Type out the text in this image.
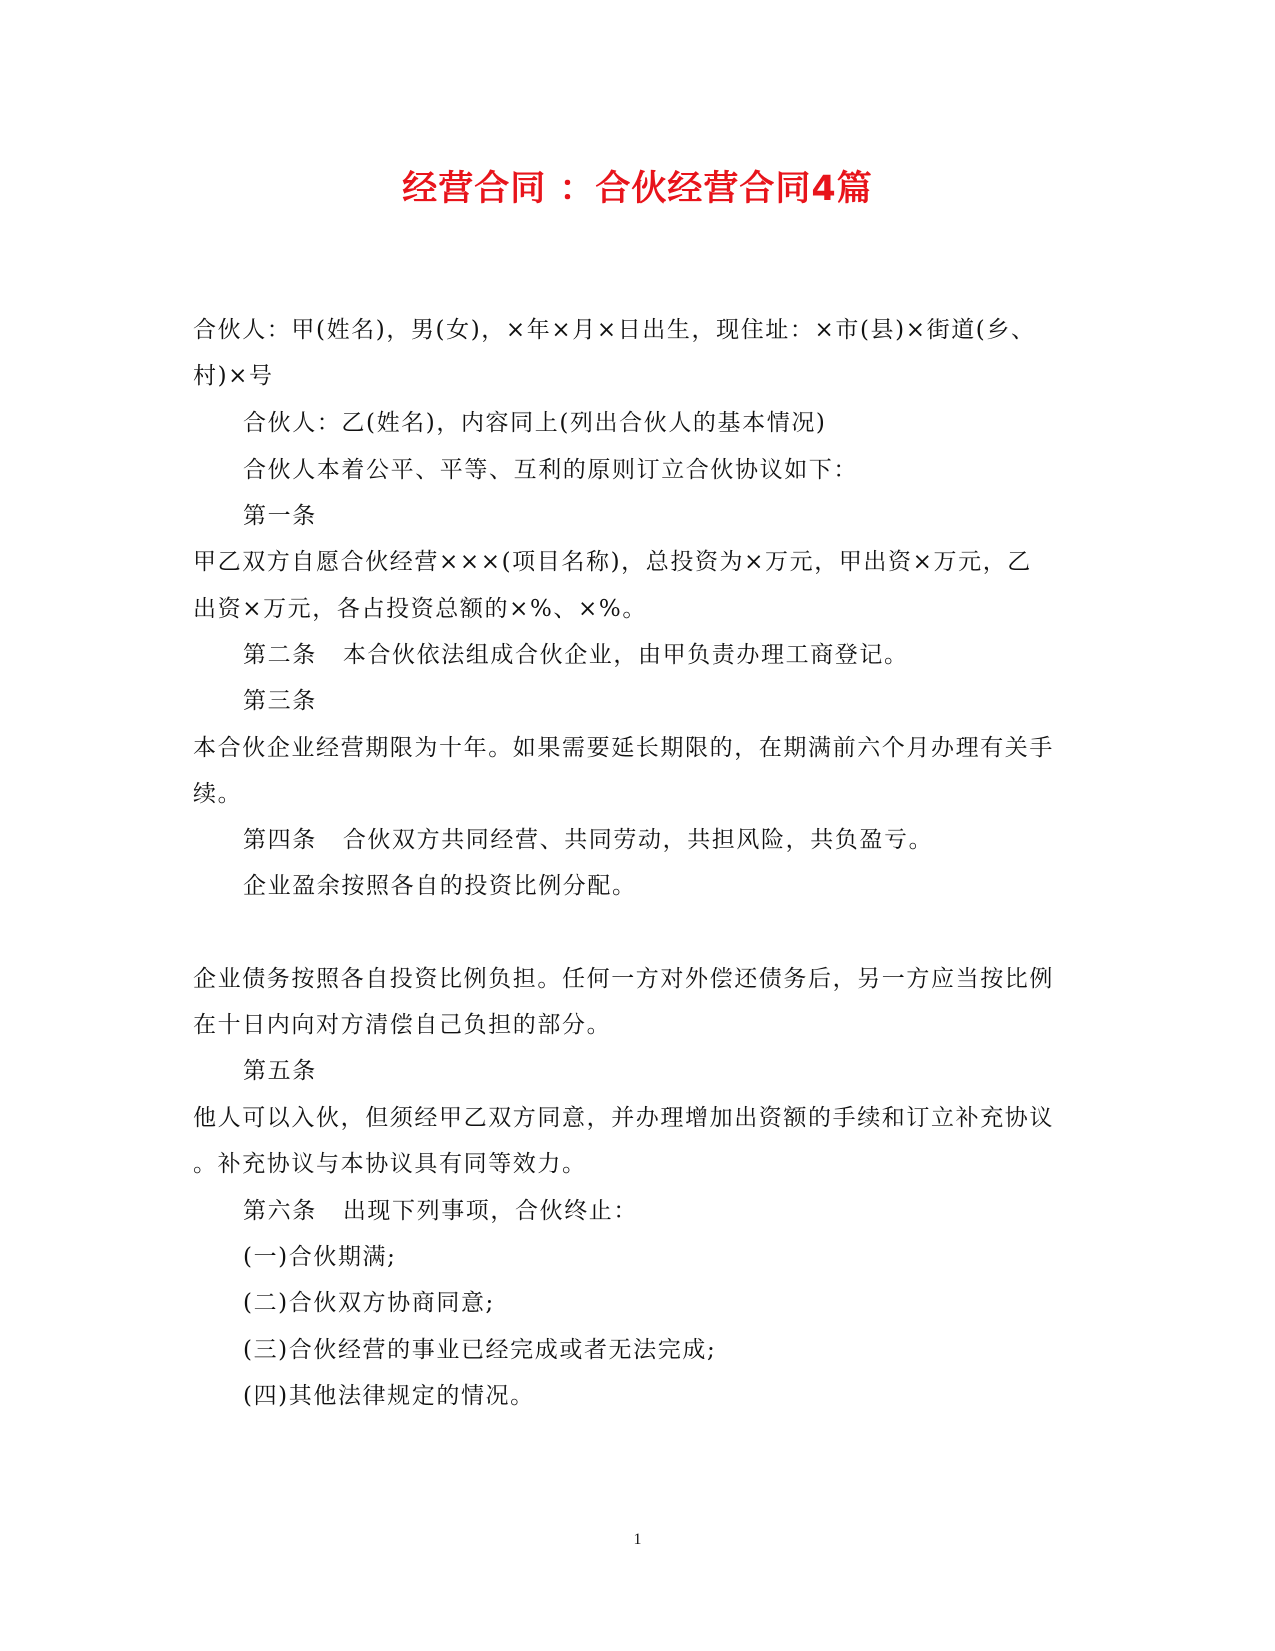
经营合同 ：合伙经营合同4篇
合伙人：甲(姓名)，男(女)，×年×月×日出生，现住址：×市(县)×街道(乡、
村)×号
合伙人：乙(姓名)，内容同上(列出合伙人的基本情况)
合伙人本着公平、平等、互利的原则订立合伙协议如下：
第一条
甲乙双方自愿合伙经营×××(项目名称)，总投资为×万元，甲出资×万元，乙
出资×万元，各占投资总额的×%、×%。
第二条 本合伙依法组成合伙企业，由甲负责办理工商登记。
第三条
本合伙企业经营期限为十年。如果需要延长期限的，在期满前六个月办理有关手
续。
第四条 合伙双方共同经营、共同劳动，共担风险，共负盈亏。
企业盈余按照各自的投资比例分配。
企业债务按照各自投资比例负担。任何一方对外偿还债务后，另一方应当按比例
在十日内向对方清偿自己负担的部分。
第五条
他人可以入伙，但须经甲乙双方同意，并办理增加出资额的手续和订立补充协议
。补充协议与本协议具有同等效力。
第六条 出现下列事项，合伙终止：
(一)合伙期满;
(二)合伙双方协商同意;
(三)合伙经营的事业已经完成或者无法完成;
(四)其他法律规定的情况。
1
